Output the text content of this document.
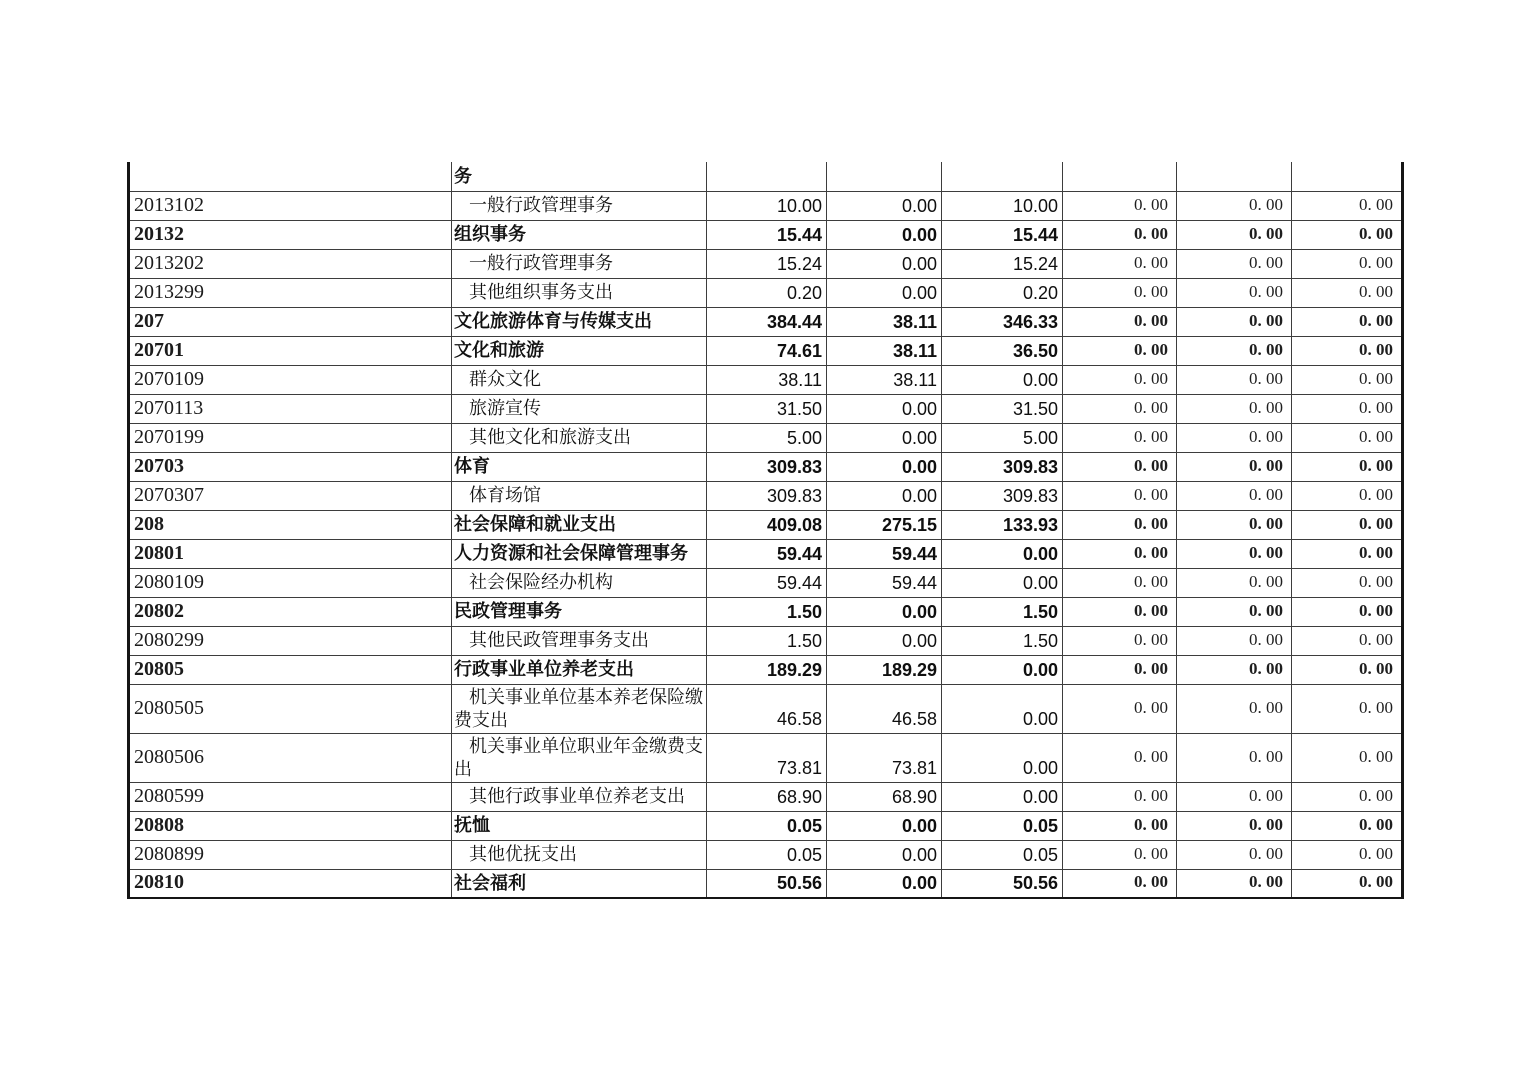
	务						
2013102	一般行政管理事务	10.00	0.00	10.00	0. 00	0. 00	0. 00
20132	组织事务	15.44	0.00	15.44	0. 00	0. 00	0. 00
2013202	一般行政管理事务	15.24	0.00	15.24	0. 00	0. 00	0. 00
2013299	其他组织事务支出	0.20	0.00	0.20	0. 00	0. 00	0. 00
207	文化旅游体育与传媒支出	384.44	38.11	346.33	0. 00	0. 00	0. 00
20701	文化和旅游	74.61	38.11	36.50	0. 00	0. 00	0. 00
2070109	群众文化	38.11	38.11	0.00	0. 00	0. 00	0. 00
2070113	旅游宣传	31.50	0.00	31.50	0. 00	0. 00	0. 00
2070199	其他文化和旅游支出	5.00	0.00	5.00	0. 00	0. 00	0. 00
20703	体育	309.83	0.00	309.83	0. 00	0. 00	0. 00
2070307	体育场馆	309.83	0.00	309.83	0. 00	0. 00	0. 00
208	社会保障和就业支出	409.08	275.15	133.93	0. 00	0. 00	0. 00
20801	人力资源和社会保障管理事务	59.44	59.44	0.00	0. 00	0. 00	0. 00
2080109	社会保险经办机构	59.44	59.44	0.00	0. 00	0. 00	0. 00
20802	民政管理事务	1.50	0.00	1.50	0. 00	0. 00	0. 00
2080299	其他民政管理事务支出	1.50	0.00	1.50	0. 00	0. 00	0. 00
20805	行政事业单位养老支出	189.29	189.29	0.00	0. 00	0. 00	0. 00
2080505	机关事业单位基本养老保险缴费支出	46.58	46.58	0.00	0. 00	0. 00	0. 00
2080506	机关事业单位职业年金缴费支出	73.81	73.81	0.00	0. 00	0. 00	0. 00
2080599	其他行政事业单位养老支出	68.90	68.90	0.00	0. 00	0. 00	0. 00
20808	抚恤	0.05	0.00	0.05	0. 00	0. 00	0. 00
2080899	其他优抚支出	0.05	0.00	0.05	0. 00	0. 00	0. 00
20810	社会福利	50.56	0.00	50.56	0. 00	0. 00	0. 00
